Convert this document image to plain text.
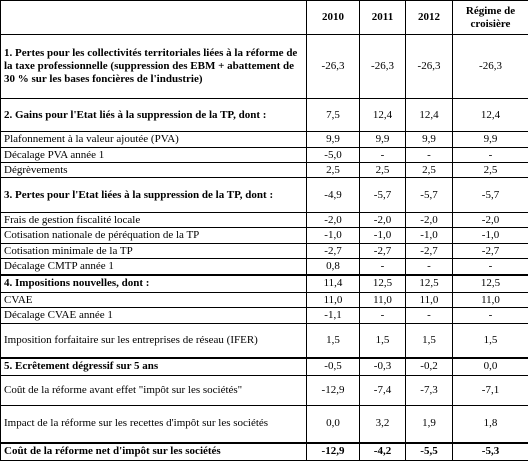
	2010	2011	2012	Régime de croisière
1. Pertes pour les collectivités territoriales liées à la réforme de la taxe professionnelle (suppression des EBM + abattement de 30 % sur les bases foncières de l'industrie)	-26,3	-26,3	-26,3	-26,3
2. Gains pour l'Etat liés à la suppression de la TP, dont :	7,5	12,4	12,4	12,4
Plafonnement à la valeur ajoutée (PVA)	9,9	9,9	9,9	9,9
Décalage PVA année 1	-5,0	-	-	-
Dégrèvements	2,5	2,5	2,5	2,5
3. Pertes pour l'Etat liées à la suppression de la TP, dont :	-4,9	-5,7	-5,7	-5,7
Frais de gestion fiscalité locale	-2,0	-2,0	-2,0	-2,0
Cotisation nationale de péréquation de la TP	-1,0	-1,0	-1,0	-1,0
Cotisation minimale de la TP	-2,7	-2,7	-2,7	-2,7
Décalage CMTP année 1	0,8	-	-	-
4. Impositions nouvelles, dont :	11,4	12,5	12,5	12,5
CVAE	11,0	11,0	11,0	11,0
Décalage CVAE année 1	-1,1	-	-	-
Imposition forfaitaire sur les entreprises de réseau (IFER)	1,5	1,5	1,5	1,5
5. Ecrêtement dégressif sur 5 ans	-0,5	-0,3	-0,2	0,0
Coût de la réforme avant effet "impôt sur les sociétés"	-12,9	-7,4	-7,3	-7,1
Impact de la réforme sur les recettes d'impôt sur les sociétés	0,0	3,2	1,9	1,8
Coût de la réforme net d'impôt sur les sociétés	-12,9	-4,2	-5,5	-5,3
